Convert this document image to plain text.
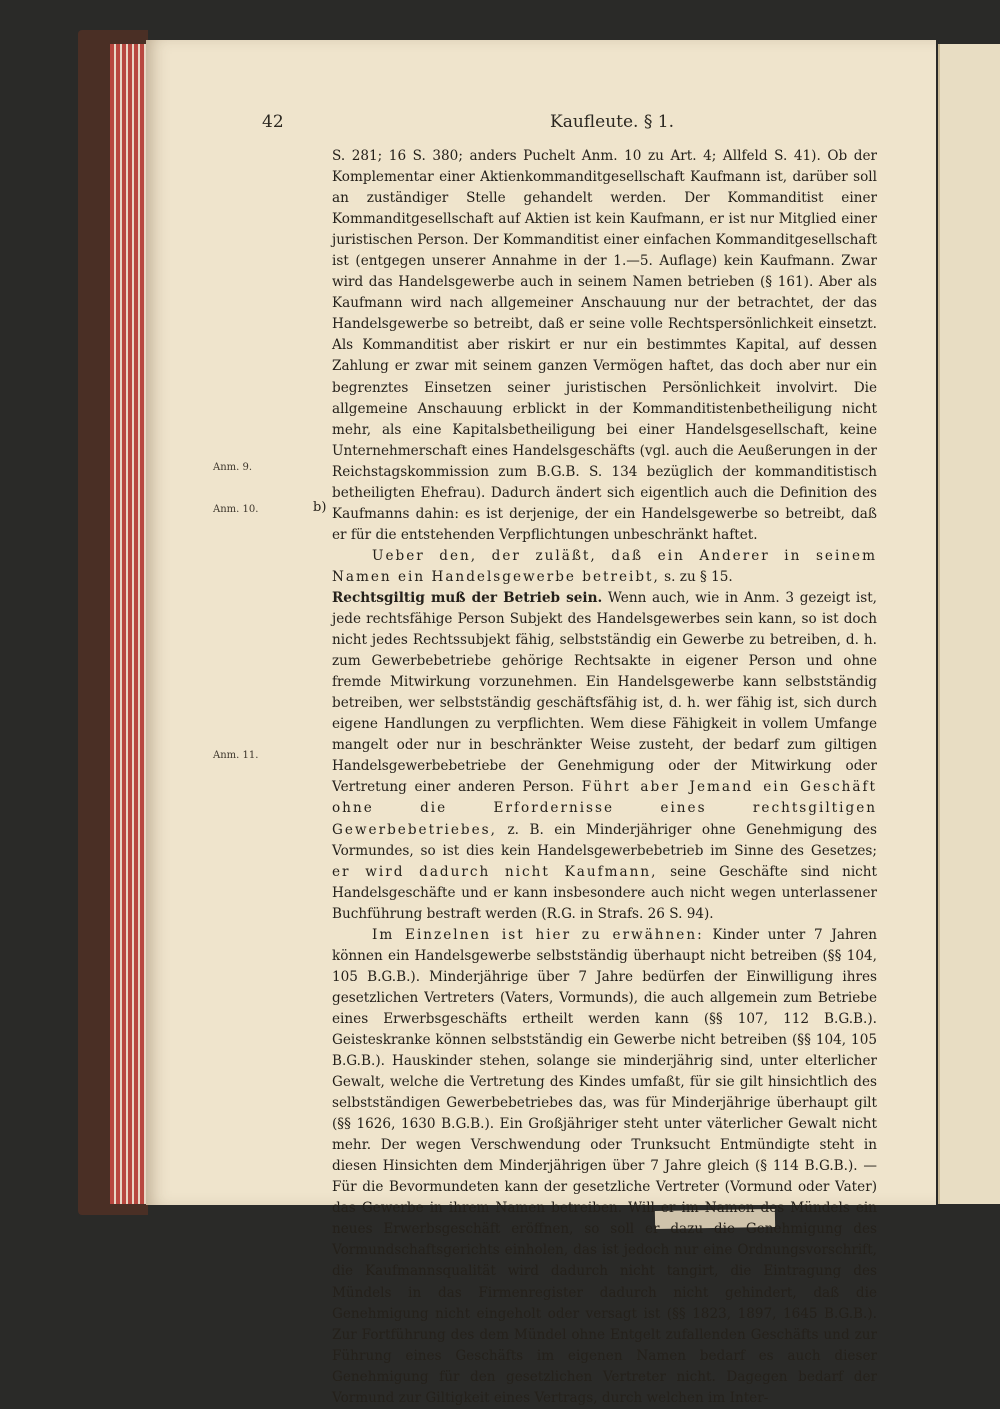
42	Kaufleute. § 1.
Anm. 9.
Anm. 10.
Anm. 11.
b)

S. 281; 16 S. 380; anders Puchelt Anm. 10 zu Art. 4; Allfeld S. 41). Ob der Komplementar einer Aktienkommanditgesellschaft Kaufmann ist, darüber soll an zuständiger Stelle gehandelt werden. Der Kommanditist einer Kommanditgesellschaft auf Aktien ist kein Kaufmann, er ist nur Mitglied einer juristischen Person. Der Kommanditist einer einfachen Kommanditgesellschaft ist (entgegen unserer Annahme in der 1.—5. Auflage) kein Kaufmann. Zwar wird das Handelsgewerbe auch in seinem Namen betrieben (§ 161). Aber als Kaufmann wird nach allgemeiner Anschauung nur der betrachtet, der das Handelsgewerbe so betreibt, daß er seine volle Rechtspersönlichkeit einsetzt. Als Kommanditist aber riskirt er nur ein bestimmtes Kapital, auf dessen Zahlung er zwar mit seinem ganzen Vermögen haftet, das doch aber nur ein begrenztes Einsetzen seiner juristischen Persönlichkeit involvirt. Die allgemeine Anschauung erblickt in der Kommanditistenbetheiligung nicht mehr, als eine Kapitalsbetheiligung bei einer Handelsgesellschaft, keine Unternehmerschaft eines Handelsgeschäfts (vgl. auch die Aeußerungen in der Reichstagskommission zum B.G.B. S. 134 bezüglich der kommanditistisch betheiligten Ehefrau). Dadurch ändert sich eigentlich auch die Definition des Kaufmanns dahin: es ist derjenige, der ein Handelsgewerbe so betreibt, daß er für die entstehenden Verpflichtungen unbeschränkt haftet.

Ueber den, der zuläßt, daß ein Anderer in seinem Namen ein Handelsgewerbe betreibt, s. zu § 15.

Rechtsgiltig muß der Betrieb sein. Wenn auch, wie in Anm. 3 gezeigt ist, jede rechtsfähige Person Subjekt des Handelsgewerbes sein kann, so ist doch nicht jedes Rechtssubjekt fähig, selbstständig ein Gewerbe zu betreiben, d. h. zum Gewerbebetriebe gehörige Rechtsakte in eigener Person und ohne fremde Mitwirkung vorzunehmen. Ein Handelsgewerbe kann selbstständig betreiben, wer selbstständig geschäftsfähig ist, d. h. wer fähig ist, sich durch eigene Handlungen zu verpflichten. Wem diese Fähigkeit in vollem Umfange mangelt oder nur in beschränkter Weise zusteht, der bedarf zum giltigen Handelsgewerbebetriebe der Genehmigung oder der Mitwirkung oder Vertretung einer anderen Person. Führt aber Jemand ein Geschäft ohne die Erfordernisse eines rechtsgiltigen Gewerbebetriebes, z. B. ein Minderjähriger ohne Genehmigung des Vormundes, so ist dies kein Handelsgewerbebetrieb im Sinne des Gesetzes; er wird dadurch nicht Kaufmann, seine Geschäfte sind nicht Handelsgeschäfte und er kann insbesondere auch nicht wegen unterlassener Buchführung bestraft werden (R.G. in Strafs. 26 S. 94).

Im Einzelnen ist hier zu erwähnen: Kinder unter 7 Jahren können ein Handelsgewerbe selbstständig überhaupt nicht betreiben (§§ 104, 105 B.G.B.). Minderjährige über 7 Jahre bedürfen der Einwilligung ihres gesetzlichen Vertreters (Vaters, Vormunds), die auch allgemein zum Betriebe eines Erwerbsgeschäfts ertheilt werden kann (§§ 107, 112 B.G.B.). Geisteskranke können selbstständig ein Gewerbe nicht betreiben (§§ 104, 105 B.G.B.). Hauskinder stehen, solange sie minderjährig sind, unter elterlicher Gewalt, welche die Vertretung des Kindes umfaßt, für sie gilt hinsichtlich des selbstständigen Gewerbebetriebes das, was für Minderjährige überhaupt gilt (§§ 1626, 1630 B.G.B.). Ein Großjähriger steht unter väterlicher Gewalt nicht mehr. Der wegen Verschwendung oder Trunksucht Entmündigte steht in diesen Hinsichten dem Minderjährigen über 7 Jahre gleich (§ 114 B.G.B.). — Für die Bevormundeten kann der gesetzliche Vertreter (Vormund oder Vater) das Gewerbe in ihrem Namen betreiben. Will er im Namen des Mündels ein neues Erwerbsgeschäft eröffnen, so soll er dazu die Genehmigung des Vormundschaftsgerichts einholen, das ist jedoch nur eine Ordnungsvorschrift, die Kaufmannsqualität wird dadurch nicht tangirt, die Eintragung des Mündels in das Firmenregister dadurch nicht gehindert, daß die Genehmigung nicht eingeholt oder versagt ist (§§ 1823, 1897, 1645 B.G.B.). Zur Fortführung des dem Mündel ohne Entgelt zufallenden Geschäfts und zur Führung eines Geschäfts im eigenen Namen bedarf es auch dieser Genehmigung für den gesetzlichen Vertreter nicht. Dagegen bedarf der Vormund zur Giltigkeit eines Vertrags, durch welchen im Inter-
